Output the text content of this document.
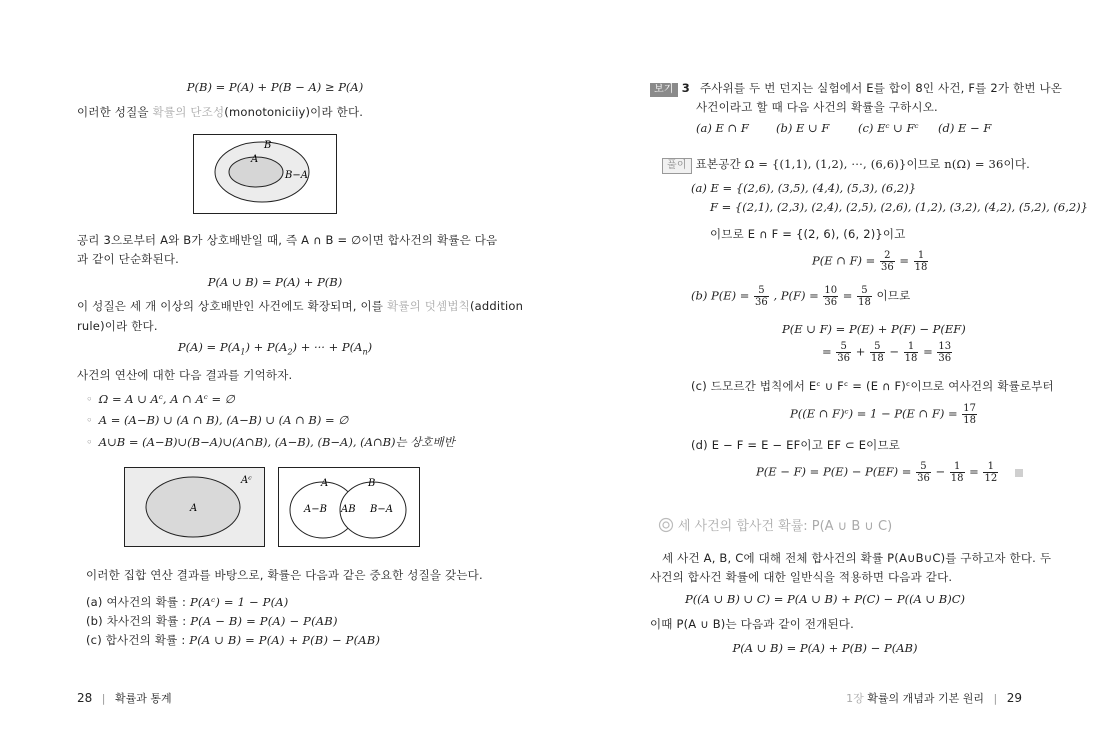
P(B) = P(A) + P(B − A) ≥ P(A)
이러한 성질을 확률의 단조성(monotoniciiy)이라 한다.
B
A
B−A
공리 3으로부터 A와 B가 상호배반일 때, 즉 A ∩ B = ∅이면 합사건의 확률은 다음
과 같이 단순화된다.
P(A ∪ B) = P(A) + P(B)
이 성질은 세 개 이상의 상호배반인 사건에도 확장되며, 이를 확률의 덧셈법칙(addition
rule)이라 한다.
$P(A) = P(A_1) + P(A_2)$ + ··· + $P(A_n)$
사건의 연산에 대한 다음 결과를 기억하자.
◦ Ω = A ∪ Aᶜ, A ∩ Aᶜ = ∅
◦ A = (A−B) ∪ (A ∩ B), (A−B) ∪ (A ∩ B) = ∅
◦ A∪B = (A−B)∪(B−A)∪(A∩B), (A−B), (B−A), (A∩B)는 상호배반
Aᶜ
A
A	B
A−B AB B−A
이러한 집합 연산 결과를 바탕으로, 확률은 다음과 같은 중요한 성질을 갖는다.
(a) 여사건의 확률 : P(Aᶜ) = 1 − P(A)
(b) 차사건의 확률 : P(A − B) = P(A) − P(AB)
(c) 합사건의 확률 : P(A ∪ B) = P(A) + P(B) − P(AB)
28 | 확률과 통계
보기 3 주사위를 두 번 던지는 실험에서 E를 합이 8인 사건, F를 2가 한번 나온
사건이라고 할 때 다음 사건의 확률을 구하시오.
(a) E ∩ F (b) E ∪ F (c) Eᶜ ∪ Fᶜ (d) E − F
풀이 표본공간 Ω = {(1,1), (1,2), ···, (6,6)}이므로 n(Ω) = 36이다.
(a) E = {(2,6), (3,5), (4,4), (5,3), (6,2)}
F = {(2,1), (2,3), (2,4), (2,5), (2,6), (1,2), (3,2), (4,2), (5,2), (6,2)}
이므로 E ∩ F = {(2, 6), (6, 2)}이고
P(E ∩ $F) = \frac{2}{36} = \frac{1}{18}$
(b) $P(E) = \frac{5}{36}$ , $P(F) = \frac{10}{36} = \frac{5}{18}$ 이므로
P(E ∪ F) = P(E) + P(F) − P(EF)
= $\frac{5}{36} + \frac{5}{18} - \frac{1}{18} = \frac{13}{36}$
(c) 드모르간 법칙에서 Eᶜ ∪ Fᶜ = (E ∩ F)ᶜ이므로 여사건의 확률로부터
P((E ∩ F)ᶜ) = 1 − P(E ∩ $F) = \frac{17}{18}$
(d) E − F = E − EF이고 EF ⊂ E이므로
$P(E - F) = P(E) - P(EF) = \frac{5}{36} - \frac{1}{18} = \frac{1}{12}$
세 사건의 합사건 확률: P(A ∪ B ∪ C)
세 사건 A, B, C에 대해 전체 합사건의 확률 P(A∪B∪C)를 구하고자 한다. 두
사건의 합사건 확률에 대한 일반식을 적용하면 다음과 같다.
P((A ∪ B) ∪ C) = P(A ∪ B) + P(C) − P((A ∪ B)C)
이때 P(A ∪ B)는 다음과 같이 전개된다.
P(A ∪ B) = P(A) + P(B) − P(AB)
1장 확률의 개념과 기본 원리 | 29
